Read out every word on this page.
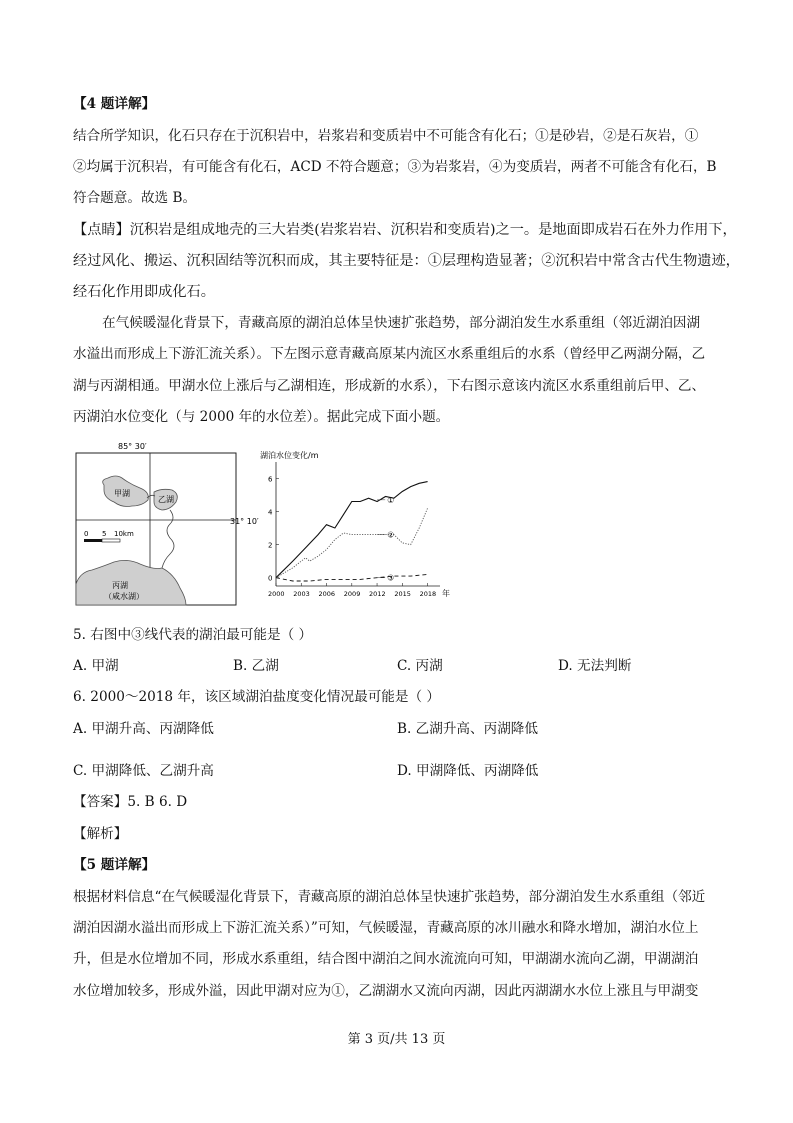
【4 题详解】
结合所学知识，化石只存在于沉积岩中，岩浆岩和变质岩中不可能含有化石；①是砂岩，②是石灰岩，①
②均属于沉积岩，有可能含有化石，ACD 不符合题意；③为岩浆岩，④为变质岩，两者不可能含有化石，B
符合题意。故选 B。
【点睛】沉积岩是组成地壳的三大岩类(岩浆岩岩、沉积岩和变质岩)之一。是地面即成岩石在外力作用下，
经过风化、搬运、沉积固结等沉积而成，其主要特征是：①层理构造显著；②沉积岩中常含古代生物遗迹，
经石化作用即成化石。
在气候暖湿化背景下，青藏高原的湖泊总体呈快速扩张趋势，部分湖泊发生水系重组（邻近湖泊因湖
水溢出而形成上下游汇流关系）。下左图示意青藏高原某内流区水系重组后的水系（曾经甲乙两湖分隔，乙
湖与丙湖相通。甲湖水位上涨后与乙湖相连，形成新的水系），下右图示意该内流区水系重组前后甲、乙、
丙湖泊水位变化（与 2000 年的水位差）。据此完成下面小题。
85° 30′
31° 10′
甲湖
乙湖
丙湖
（咸水湖）
0 5 10km
湖泊水位变化/m
0
2
4
6
2000 2003 2006 2009 2012 2015 2018
①
②
③
年
5. 右图中③线代表的湖泊最可能是（ ）
A. 甲湖	B. 乙湖	C. 丙湖	D. 无法判断
6. 2000～2018 年，该区域湖泊盐度变化情况最可能是（ ）
A. 甲湖升高、丙湖降低	B. 乙湖升高、丙湖降低
C. 甲湖降低、乙湖升高	D. 甲湖降低、丙湖降低
【答案】5. B 6. D
【解析】
【5 题详解】
根据材料信息“在气候暖湿化背景下，青藏高原的湖泊总体呈快速扩张趋势，部分湖泊发生水系重组（邻近
湖泊因湖水溢出而形成上下游汇流关系）”可知，气候暖湿，青藏高原的冰川融水和降水增加，湖泊水位上
升，但是水位增加不同，形成水系重组，结合图中湖泊之间水流流向可知，甲湖湖水流向乙湖，甲湖湖泊
水位增加较多，形成外溢，因此甲湖对应为①，乙湖湖水又流向丙湖，因此丙湖湖水水位上涨且与甲湖变
第 3 页/共 13 页
